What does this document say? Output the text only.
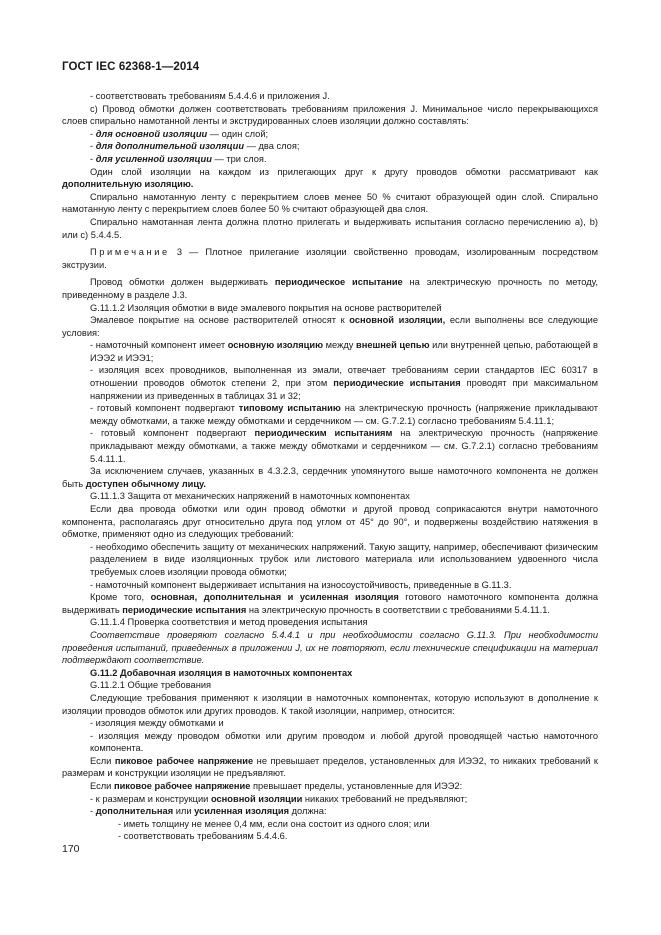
ГОСТ IEC 62368-1—2014

- соответствовать требованиям 5.4.4.6 и приложения J.

c) Провод обмотки должен соответствовать требованиям приложения J. Минимальное число перекрывающихся слоев спирально намотанной ленты и экструдированных слоев изоляции должно составлять:

- для основной изоляции — один слой;

- для дополнительной изоляции — два слоя;

- для усиленной изоляции — три слоя.

Один слой изоляции на каждом из прилегающих друг к другу проводов обмотки рассматривают как дополнительную изоляцию.

Спирально намотанную ленту с перекрытием слоев менее 50 % считают образующей один слой. Спирально намотанную ленту с перекрытием слоев более 50 % считают образующей два слоя.

Спирально намотанная лента должна плотно прилегать и выдерживать испытания согласно перечислению a), b) или c) 5.4.4.5.

Примечание 3 — Плотное прилегание изоляции свойственно проводам, изолированным посредством экструзии.

Провод обмотки должен выдерживать периодическое испытание на электрическую прочность по методу, приведенному в разделе J.3.

G.11.1.2 Изоляция обмотки в виде эмалевого покрытия на основе растворителей

Эмалевое покрытие на основе растворителей относят к основной изоляции, если выполнены все следующие условия:

- намоточный компонент имеет основную изоляцию между внешней цепью или внутренней цепью, работающей в ИЭЭ2 и ИЭЭ1;

- изоляция всех проводников, выполненная из эмали, отвечает требованиям серии стандартов IEC 60317 в отношении проводов обмоток степени 2, при этом периодические испытания проводят при максимальном напряжении из приведенных в таблицах 31 и 32;

- готовый компонент подвергают типовому испытанию на электрическую прочность (напряжение прикладывают между обмотками, а также между обмотками и сердечником — см. G.7.2.1) согласно требованиям 5.4.11.1;

- готовый компонент подвергают периодическим испытаниям на электрическую прочность (напряжение прикладывают между обмотками, а также между обмотками и сердечником — см. G.7.2.1) согласно требованиям 5.4.11.1.

За исключением случаев, указанных в 4.3.2.3, сердечник упомянутого выше намоточного компонента не должен быть доступен обычному лицу.

G.11.1.3 Защита от механических напряжений в намоточных компонентах

Если два провода обмотки или один провод обмотки и другой провод соприкасаются внутри намоточного компонента, располагаясь друг относительно друга под углом от 45° до 90°, и подвержены воздействию натяжения в обмотке, применяют одно из следующих требований:

- необходимо обеспечить защиту от механических напряжений. Такую защиту, например, обеспечивают физическим разделением в виде изоляционных трубок или листового материала или использованием удвоенного числа требуемых слоев изоляции провода обмотки;

- намоточный компонент выдерживает испытания на износоустойчивость, приведенные в G.11.3.

Кроме того, основная, дополнительная и усиленная изоляция готового намоточного компонента должна выдерживать периодические испытания на электрическую прочность в соответствии с требованиями 5.4.11.1.

G.11.1.4 Проверка соответствия и метод проведения испытания

Соответствие проверяют согласно 5.4.4.1 и при необходимости согласно G.11.3. При необходимости проведения испытаний, приведенных в приложении J, их не повторяют, если технические спецификации на материал подтверждают соответствие.

G.11.2 Добавочная изоляция в намоточных компонентах

G.11.2.1 Общие требования

Следующие требования применяют к изоляции в намоточных компонентах, которую используют в дополнение к изоляции проводов обмоток или других проводов. К такой изоляции, например, относится:

- изоляция между обмотками и

- изоляция между проводом обмотки или другим проводом и любой другой проводящей частью намоточного компонента.

Если пиковое рабочее напряжение не превышает пределов, установленных для ИЭЭ2, то никаких требований к размерам и конструкции изоляции не предъявляют.

Если пиковое рабочее напряжение превышает пределы, установленные для ИЭЭ2:

- к размерам и конструкции основной изоляции никаких требований не предъявляют;

- дополнительная или усиленная изоляция должна:

- иметь толщину не менее 0,4 мм, если она состоит из одного слоя; или

- соответствовать требованиям 5.4.4.6.

170
